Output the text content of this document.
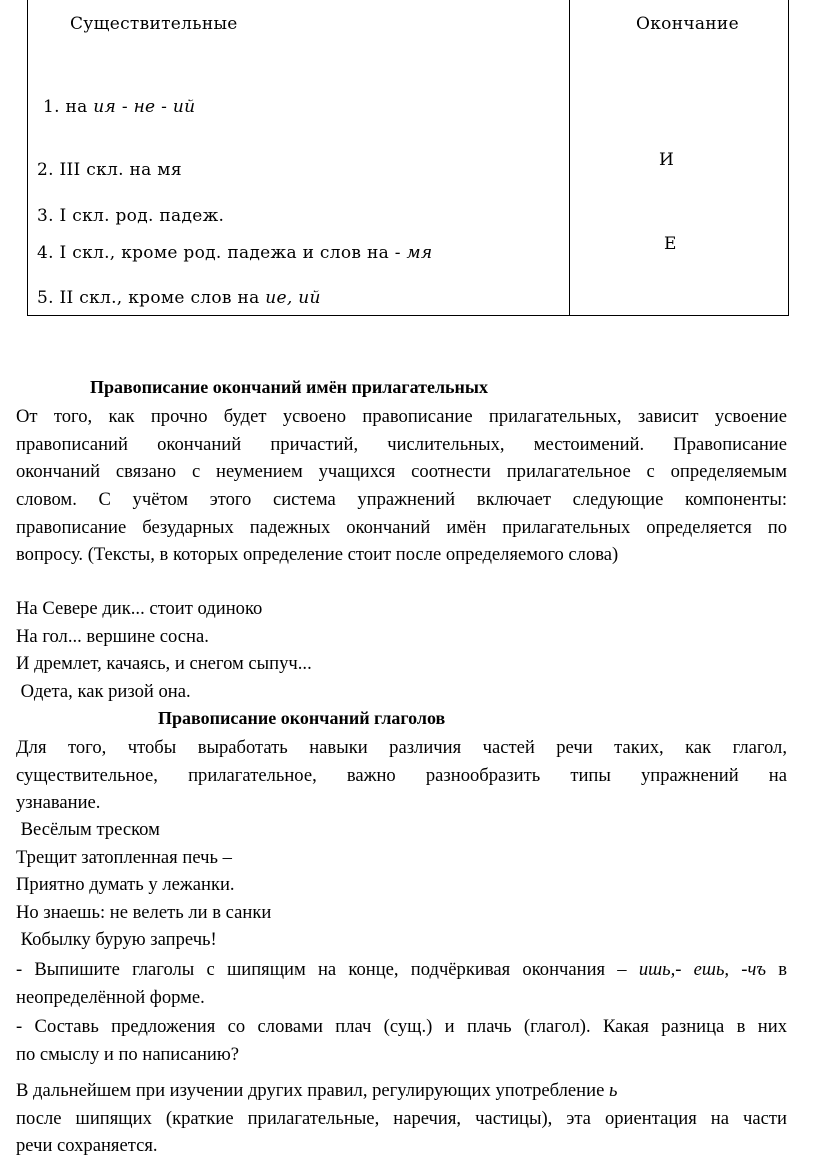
Существительные	Окончание
1. на ия - не - ий
2. III скл. на мя
3. I скл. род. падеж.
4. I скл., кроме род. падежа и слов на - мя
5. II скл., кроме слов на ие, ий
И
Е
Правописание окончаний имён прилагательных
От того, как прочно будет усвоено правописание прилагательных, зависит усвоение
правописаний окончаний причастий, числительных, местоимений. Правописание
окончаний связано с неумением учащихся соотнести прилагательное с определяемым
словом. С учётом этого система упражнений включает следующие компоненты:
правописание безударных падежных окончаний имён прилагательных определяется по
вопросу. (Тексты, в которых определение стоит после определяемого слова)
На Севере дик... стоит одиноко
На гол... вершине сосна.
И дремлет, качаясь, и снегом сыпуч...
Одета, как ризой она.
Правописание окончаний глаголов
Для того, чтобы выработать навыки различия частей речи таких, как глагол,
существительное, прилагательное, важно разнообразить типы упражнений на
узнавание.
Весёлым треском
Трещит затопленная печь –
Приятно думать у лежанки.
Но знаешь: не велеть ли в санки
Кобылку бурую запречь!
- Выпишите глаголы с шипящим на конце, подчёркивая окончания – ишь,- ешь, -чъ в
неопределённой форме.
- Составь предложения со словами плач (сущ.) и плачь (глагол). Какая разница в них
по смыслу и по написанию?
В дальнейшем при изучении других правил, регулирующих употребление ь
после шипящих (краткие прилагательные, наречия, частицы), эта ориентация на части
речи сохраняется.
